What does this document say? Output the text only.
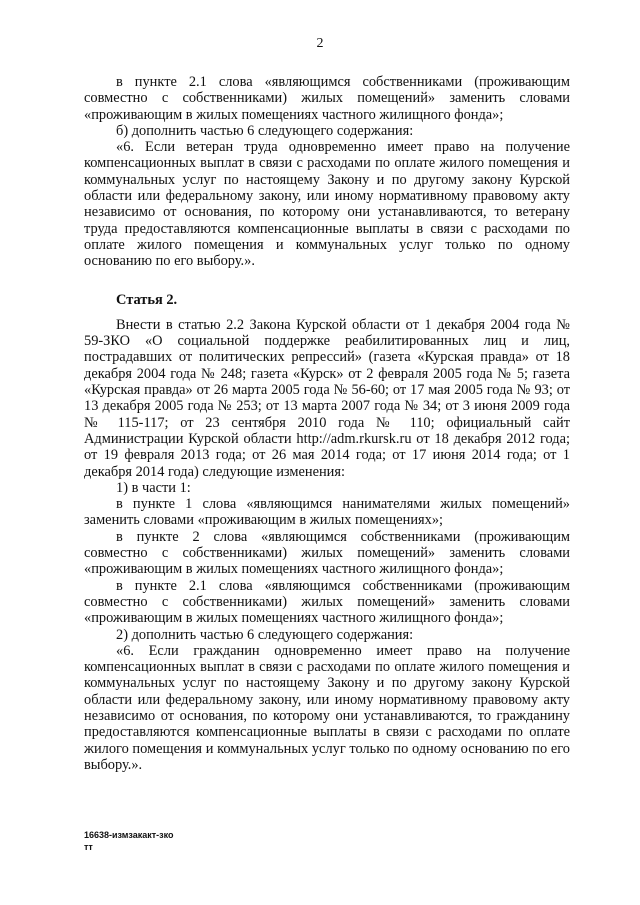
2

в пункте 2.1 слова «являющимся собственниками (проживающим совместно с собственниками) жилых помещений» заменить словами «проживающим в жилых помещениях частного жилищного фонда»;

б) дополнить частью 6 следующего содержания:

«6. Если ветеран труда одновременно имеет право на получение компенсационных выплат в связи с расходами по оплате жилого помещения и коммунальных услуг по настоящему Закону и по другому закону Курской области или федеральному закону, или иному нормативному правовому акту независимо от основания, по которому они устанавливаются, то ветерану труда предоставляются компенсационные выплаты в связи с расходами по оплате жилого помещения и коммунальных услуг только по одному основанию по его выбору.».

Статья 2.

Внести в статью 2.2 Закона Курской области от 1 декабря 2004 года № 59-ЗКО «О социальной поддержке реабилитированных лиц и лиц, пострадавших от политических репрессий» (газета «Курская правда» от 18 декабря 2004 года № 248; газета «Курск» от 2 февраля 2005 года № 5; газета «Курская правда» от 26 марта 2005 года № 56-60; от 17 мая 2005 года № 93; от 13 декабря 2005 года № 253; от 13 марта 2007 года № 34; от 3 июня 2009 года № 115-117; от 23 сентября 2010 года № 110; официальный сайт Администрации Курской области http://adm.rkursk.ru от 18 декабря 2012 года; от 19 февраля 2013 года; от 26 мая 2014 года; от 17 июня 2014 года; от 1 декабря 2014 года) следующие изменения:

1) в части 1:

в пункте 1 слова «являющимся нанимателями жилых помещений» заменить словами «проживающим в жилых помещениях»;

в пункте 2 слова «являющимся собственниками (проживающим совместно с собственниками) жилых помещений» заменить словами «проживающим в жилых помещениях частного жилищного фонда»;

в пункте 2.1 слова «являющимся собственниками (проживающим совместно с собственниками) жилых помещений» заменить словами «проживающим в жилых помещениях частного жилищного фонда»;

2) дополнить частью 6 следующего содержания:

«6. Если гражданин одновременно имеет право на получение компенсационных выплат в связи с расходами по оплате жилого помещения и коммунальных услуг по настоящему Закону и по другому закону Курской области или федеральному закону, или иному нормативному правовому акту независимо от основания, по которому они устанавливаются, то гражданину предоставляются компенсационные выплаты в связи с расходами по оплате жилого помещения и коммунальных услуг только по одному основанию по его выбору.».

16638-измзакакт-зко
тт
